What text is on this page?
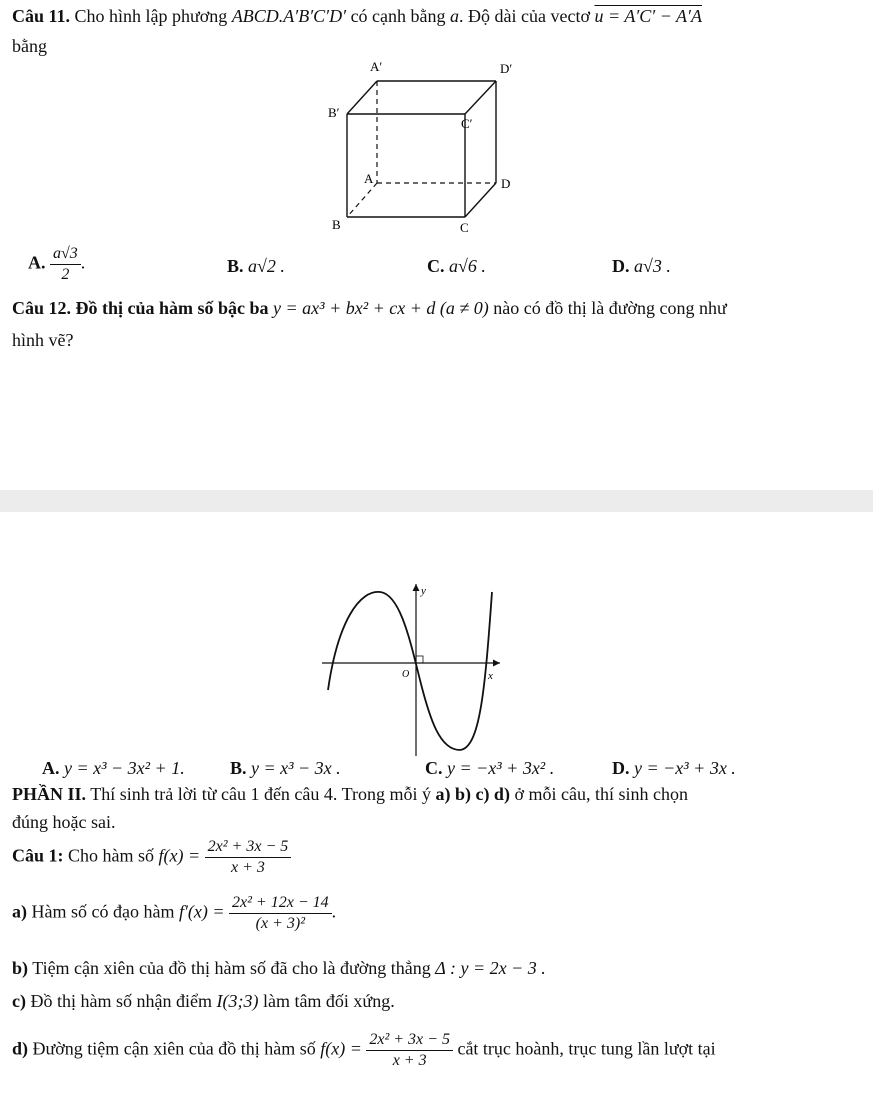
Câu 11. Cho hình lập phương ABCD.A′B′C′D′ có cạnh bằng a. Độ dài của vectơ u = A′C′ − A′A
bằng
A′	D′
B′
C′
A	D
B	C
A. $\frac{a√3}{2}$ .	B. a√2 .	C. a√6 .	D. a√3 .
Câu 12. Đồ thị của hàm số bậc ba y = ax³ + bx² + cx + d (a ≠ 0) nào có đồ thị là đường cong như
hình vẽ?
y
O	x
A. y = x³ − 3x² + 1.	B. y = x³ − 3x .	C. y = −x³ + 3x² .	D. y = −x³ + 3x .
PHẦN II. Thí sinh trả lời từ câu 1 đến câu 4. Trong mỗi ý a) b) c) d) ở mỗi câu, thí sinh chọn
đúng hoặc sai.
Câu 1: Cho hàm số $f(x) = \frac{\text{2x² + 3x − 5}}{x + 3}$
a) Hàm số có đạo hàm $f'(x) = \frac{\text{2x² + 12x − 14}}{\text{(x + 3)²}}$ .
b) Tiệm cận xiên của đồ thị hàm số đã cho là đường thẳng Δ : y = 2x − 3 .
c) Đồ thị hàm số nhận điểm I(3;3) làm tâm đối xứng.
d) Đường tiệm cận xiên của đồ thị hàm số $f(x) = \frac{\text{2x² + 3x − 5}}{x + 3}$ cắt trục hoành, trục tung lần lượt tại
